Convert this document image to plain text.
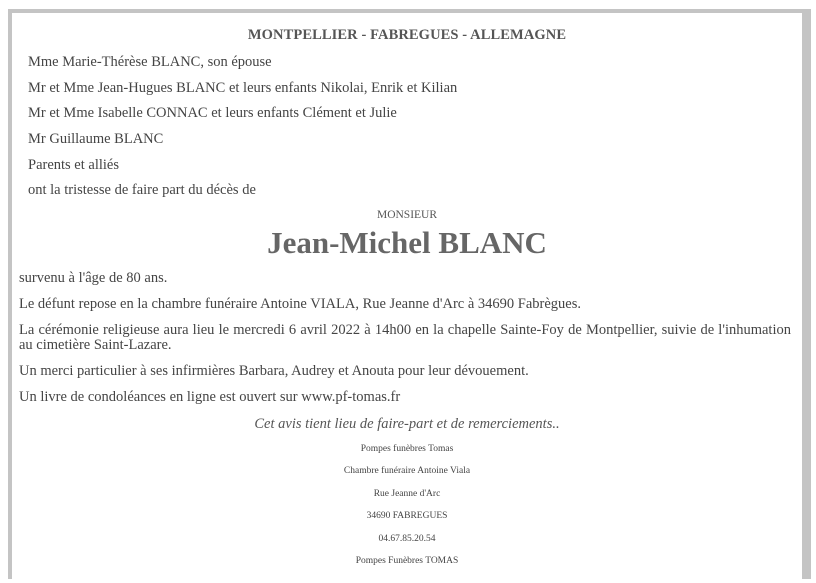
MONTPELLIER - FABREGUES - ALLEMAGNE
Mme Marie-Thérèse BLANC, son épouse
Mr et Mme Jean-Hugues BLANC et leurs enfants Nikolai, Enrik et Kilian
Mr et Mme Isabelle CONNAC et leurs enfants Clément et Julie
Mr Guillaume BLANC
Parents et alliés
ont la tristesse de faire part du décès de
MONSIEUR
Jean-Michel BLANC
survenu à l'âge de 80 ans.
Le défunt repose en la chambre funéraire Antoine VIALA, Rue Jeanne d'Arc à 34690 Fabrègues.
La cérémonie religieuse aura lieu le mercredi 6 avril 2022 à 14h00 en la chapelle Sainte-Foy de Montpellier, suivie de l'inhumation au cimetière Saint-Lazare.
Un merci particulier à ses infirmières Barbara, Audrey et Anouta pour leur dévouement.
Un livre de condoléances en ligne est ouvert sur www.pf-tomas.fr
Cet avis tient lieu de faire-part et de remerciements..
Pompes funèbres Tomas
Chambre funéraire Antoine Viala
Rue Jeanne d'Arc
34690 FABREGUES
04.67.85.20.54
Pompes Funèbres TOMAS
